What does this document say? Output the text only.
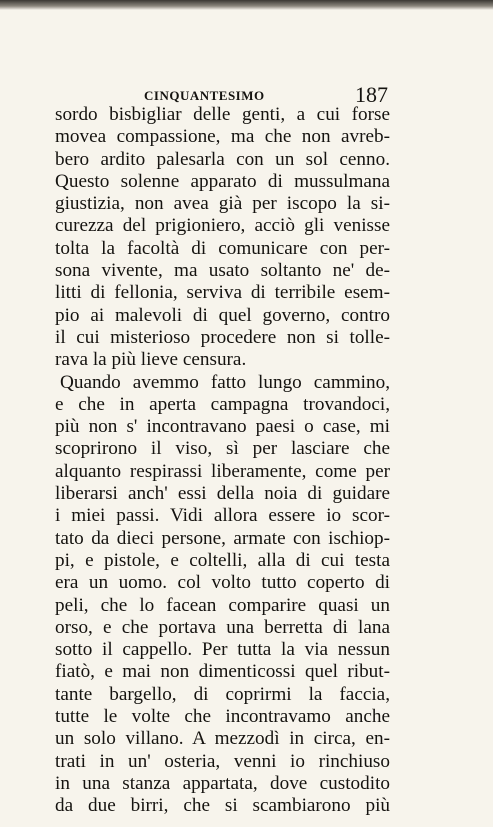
CINQUANTESIMO	187
sordo bisbigliar delle genti, a cui forse
movea compassione, ma che non avreb-
bero ardito palesarla con un sol cenno.
Questo solenne apparato di mussulmana
giustizia, non avea già per iscopo la si-
curezza del prigioniero, acciò gli venisse
tolta la facoltà di comunicare con per-
sona vivente, ma usato soltanto ne' de-
litti di fellonia, serviva di terribile esem-
pio ai malevoli di quel governo, contro
il cui misterioso procedere non si tolle-
rava la più lieve censura.
Quando avemmo fatto lungo cammino,
e che in aperta campagna trovandoci,
più non s' incontravano paesi o case, mi
scoprirono il viso, sì per lasciare che
alquanto respirassi liberamente, come per
liberarsi anch' essi della noia di guidare
i miei passi. Vidi allora essere io scor-
tato da dieci persone, armate con ischiop-
pi, e pistole, e coltelli, alla di cui testa
era un uomo. col volto tutto coperto di
peli, che lo facean comparire quasi un
orso, e che portava una berretta di lana
sotto il cappello. Per tutta la via nessun
fiatò, e mai non dimenticossi quel ribut-
tante bargello, di coprirmi la faccia,
tutte le volte che incontravamo anche
un solo villano. A mezzodì in circa, en-
trati in un' osteria, venni io rinchiuso
in una stanza appartata, dove custodito
da due birri, che si scambiarono più
